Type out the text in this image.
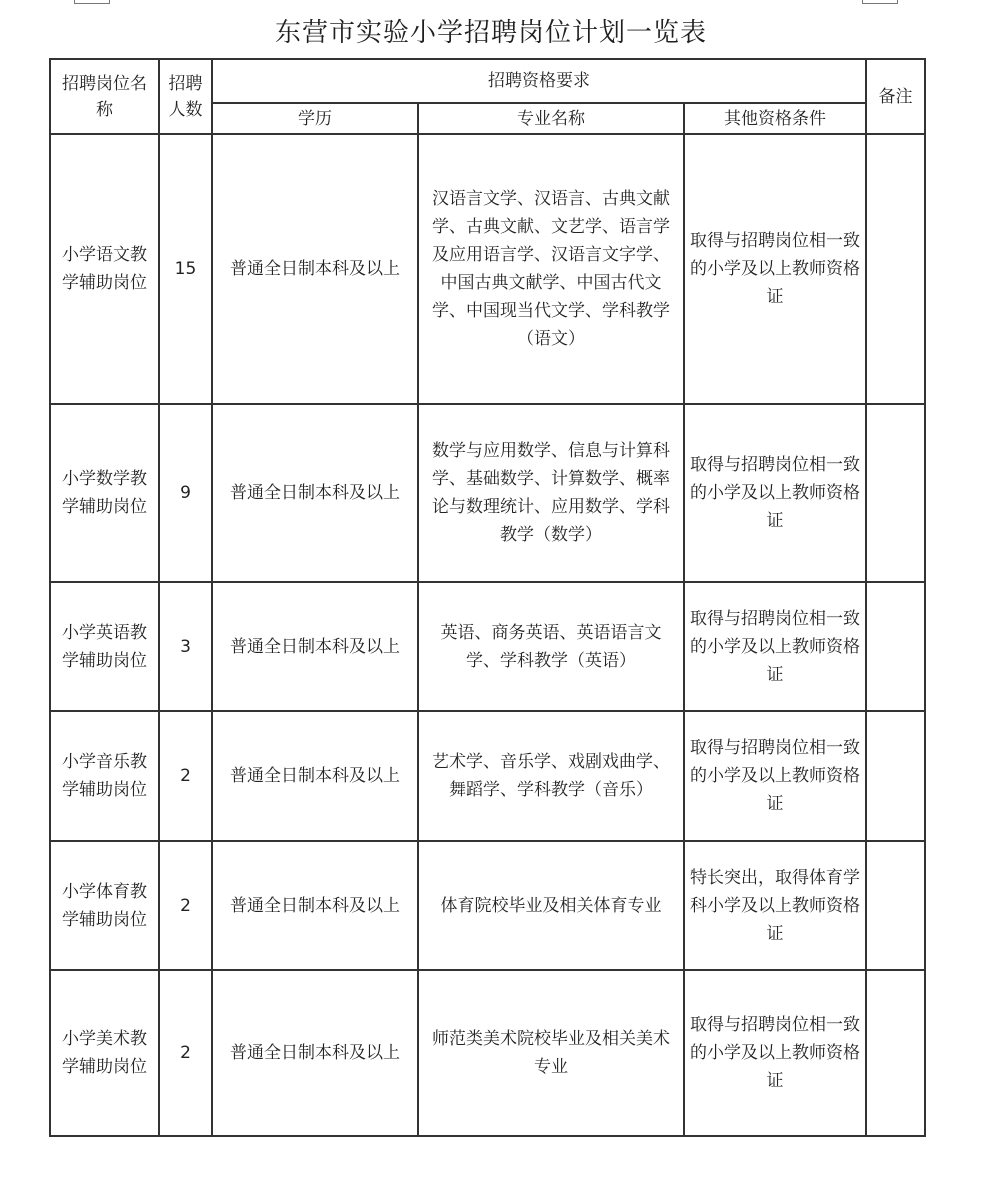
东营市实验小学招聘岗位计划一览表
招聘岗位名 称	招聘人数	招聘资格要求			备注
		学历	专业名称	其他资格条件	
小学语文教学辅助岗位	15	普通全日制本科及以上	汉语言文学、汉语言、古典文献学、古典文献、文艺学、语言学及应用语言学、汉语言文字学、中国古典文献学、中国古代文学、中国现当代文学、学科教学（语文）	取得与招聘岗位相一致的小学及以上教师资格证	
小学数学教学辅助岗位	9	普通全日制本科及以上	数学与应用数学、信息与计算科学、基础数学、计算数学、概率论与数理统计、应用数学、学科教学（数学）	取得与招聘岗位相一致的小学及以上教师资格证	
小学英语教学辅助岗位	3	普通全日制本科及以上	英语、商务英语、英语语言文学、学科教学（英语）	取得与招聘岗位相一致的小学及以上教师资格证	
小学音乐教学辅助岗位	2	普通全日制本科及以上	艺术学、音乐学、戏剧戏曲学、舞蹈学、学科教学（音乐）	取得与招聘岗位相一致的小学及以上教师资格证	
小学体育教学辅助岗位	2	普通全日制本科及以上	体育院校毕业及相关体育专业	特长突出，取得体育学科小学及以上教师资格证	
小学美术教学辅助岗位	2	普通全日制本科及以上	师范类美术院校毕业及相关美术专业	取得与招聘岗位相一致的小学及以上教师资格证	
